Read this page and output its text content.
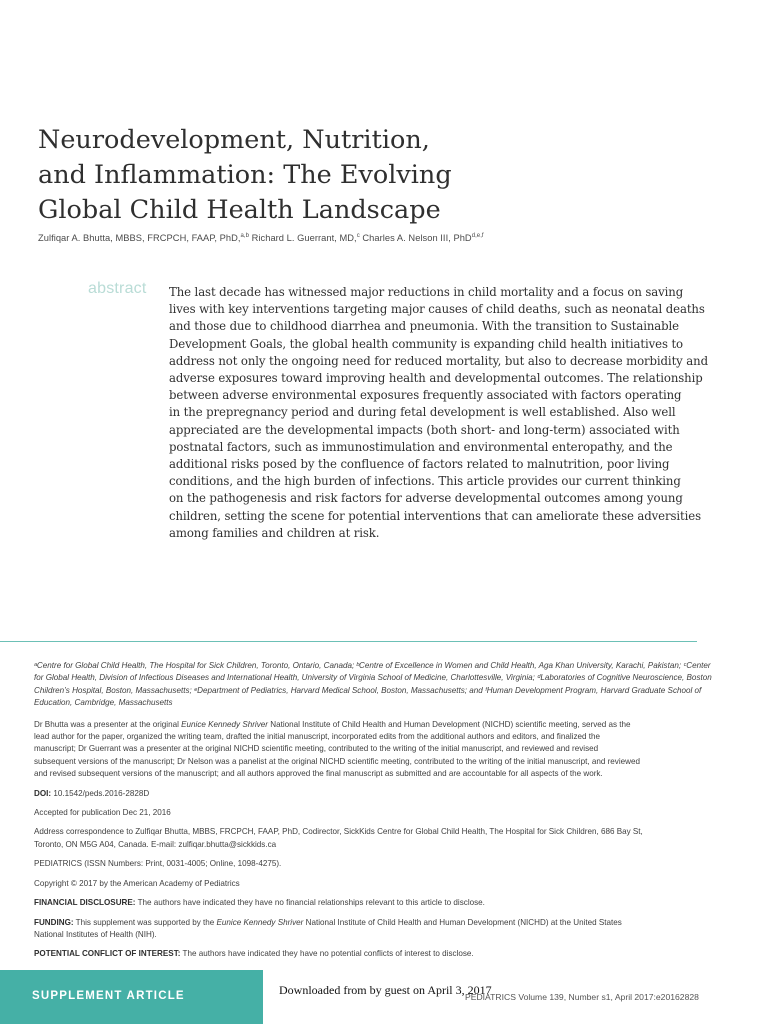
Neurodevelopment, Nutrition,
and Inflammation: The Evolving
Global Child Health Landscape
Zulfiqar A. Bhutta, MBBS, FRCPCH, FAAP, PhD,$^{a,b}$ Richard L. Guerrant, MD,$^c$ Charles A. Nelson III, PhD$^{d,e,f}$
abstract The last decade has witnessed major reductions in child mortality and a focus on saving
lives with key interventions targeting major causes of child deaths, such as neonatal deaths
and those due to childhood diarrhea and pneumonia. With the transition to Sustainable
Development Goals, the global health community is expanding child health initiatives to
address not only the ongoing need for reduced mortality, but also to decrease morbidity and
adverse exposures toward improving health and developmental outcomes. The relationship
between adverse environmental exposures frequently associated with factors operating
in the prepregnancy period and during fetal development is well established. Also well
appreciated are the developmental impacts (both short- and long-term) associated with
postnatal factors, such as immunostimulation and environmental enteropathy, and the
additional risks posed by the confluence of factors related to malnutrition, poor living
conditions, and the high burden of infections. This article provides our current thinking
on the pathogenesis and risk factors for adverse developmental outcomes among young
children, setting the scene for potential interventions that can ameliorate these adversities
among families and children at risk.

ᵃCentre for Global Child Health, The Hospital for Sick Children, Toronto, Ontario, Canada; ᵇCentre of Excellence in Women and Child Health, Aga Khan University, Karachi, Pakistan; ᶜCenter
for Global Health, Division of Infectious Diseases and International Health, University of Virginia School of Medicine, Charlottesville, Virginia; ᵈLaboratories of Cognitive Neuroscience, Boston
Children’s Hospital, Boston, Massachusetts; ᵉDepartment of Pediatrics, Harvard Medical School, Boston, Massachusetts; and ᶠHuman Development Program, Harvard Graduate School of
Education, Cambridge, Massachusetts

Dr Bhutta was a presenter at the original Eunice Kennedy Shriver National Institute of Child Health and Human Development (NICHD) scientific meeting, served as the
lead author for the paper, organized the writing team, drafted the initial manuscript, incorporated edits from the additional authors and editors, and finalized the
manuscript; Dr Guerrant was a presenter at the original NICHD scientific meeting, contributed to the writing of the initial manuscript, and reviewed and revised
subsequent versions of the manuscript; Dr Nelson was a panelist at the original NICHD scientific meeting, contributed to the writing of the initial manuscript, and reviewed
and revised subsequent versions of the manuscript; and all authors approved the final manuscript as submitted and are accountable for all aspects of the work.

DOI: 10.1542/peds.2016-2828D

Accepted for publication Dec 21, 2016

Address correspondence to Zulfiqar Bhutta, MBBS, FRCPCH, FAAP, PhD, Codirector, SickKids Centre for Global Child Health, The Hospital for Sick Children, 686 Bay St,
Toronto, ON M5G A04, Canada. E-mail: zulfiqar.bhutta@sickkids.ca

PEDIATRICS (ISSN Numbers: Print, 0031-4005; Online, 1098-4275).

Copyright © 2017 by the American Academy of Pediatrics

FINANCIAL DISCLOSURE: The authors have indicated they have no financial relationships relevant to this article to disclose.

FUNDING: This supplement was supported by the Eunice Kennedy Shriver National Institute of Child Health and Human Development (NICHD) at the United States
National Institutes of Health (NIH).

POTENTIAL CONFLICT OF INTEREST: The authors have indicated they have no potential conflicts of interest to disclose.

SUPPLEMENT ARTICLE	Downloaded from by guest on April 3, 2017
PEDIATRICS Volume 139, Number s1, April 2017:e20162828
